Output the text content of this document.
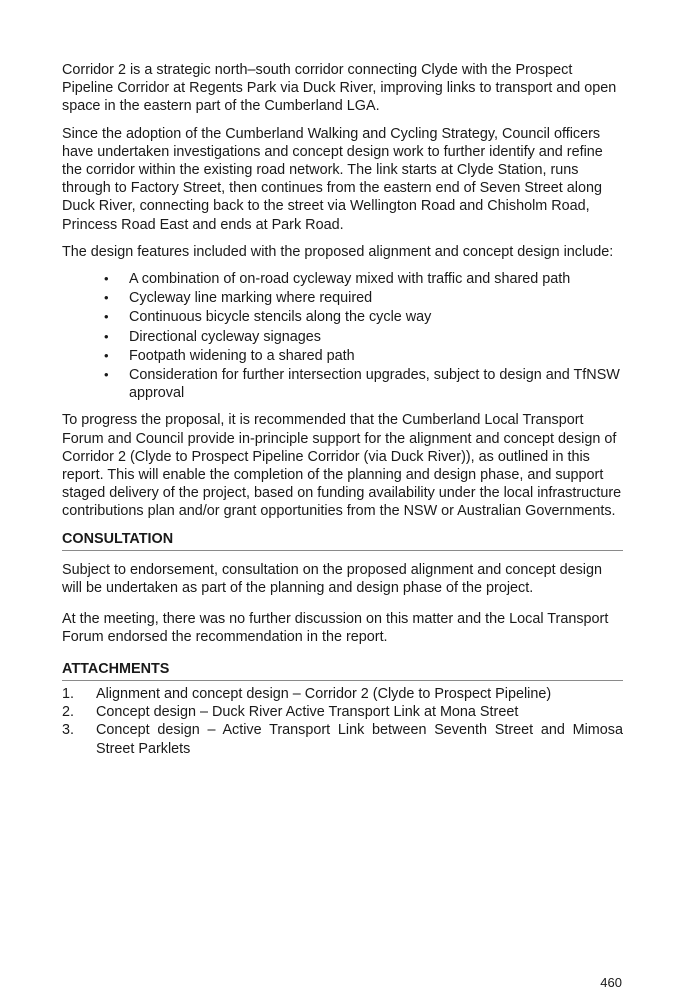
Corridor 2 is a strategic north–south corridor connecting Clyde with the Prospect Pipeline Corridor at Regents Park via Duck River, improving links to transport and open space in the eastern part of the Cumberland LGA.

Since the adoption of the Cumberland Walking and Cycling Strategy, Council officers have undertaken investigations and concept design work to further identify and refine the corridor within the existing road network. The link starts at Clyde Station, runs through to Factory Street, then continues from the eastern end of Seven Street along Duck River, connecting back to the street via Wellington Road and Chisholm Road, Princess Road East and ends at Park Road.

The design features included with the proposed alignment and concept design include:

• A combination of on-road cycleway mixed with traffic and shared path
• Cycleway line marking where required
• Continuous bicycle stencils along the cycle way
• Directional cycleway signages
• Footpath widening to a shared path
• Consideration for further intersection upgrades, subject to design and TfNSW approval

To progress the proposal, it is recommended that the Cumberland Local Transport Forum and Council provide in-principle support for the alignment and concept design of Corridor 2 (Clyde to Prospect Pipeline Corridor (via Duck River)), as outlined in this report. This will enable the completion of the planning and design phase, and support staged delivery of the project, based on funding availability under the local infrastructure contributions plan and/or grant opportunities from the NSW or Australian Governments.

CONSULTATION

Subject to endorsement, consultation on the proposed alignment and concept design will be undertaken as part of the planning and design phase of the project.

At the meeting, there was no further discussion on this matter and the Local Transport Forum endorsed the recommendation in the report.

ATTACHMENTS
1. Alignment and concept design – Corridor 2 (Clyde to Prospect Pipeline)
2. Concept design – Duck River Active Transport Link at Mona Street
3. Concept design – Active Transport Link between Seventh Street and Mimosa Street Parklets
460
